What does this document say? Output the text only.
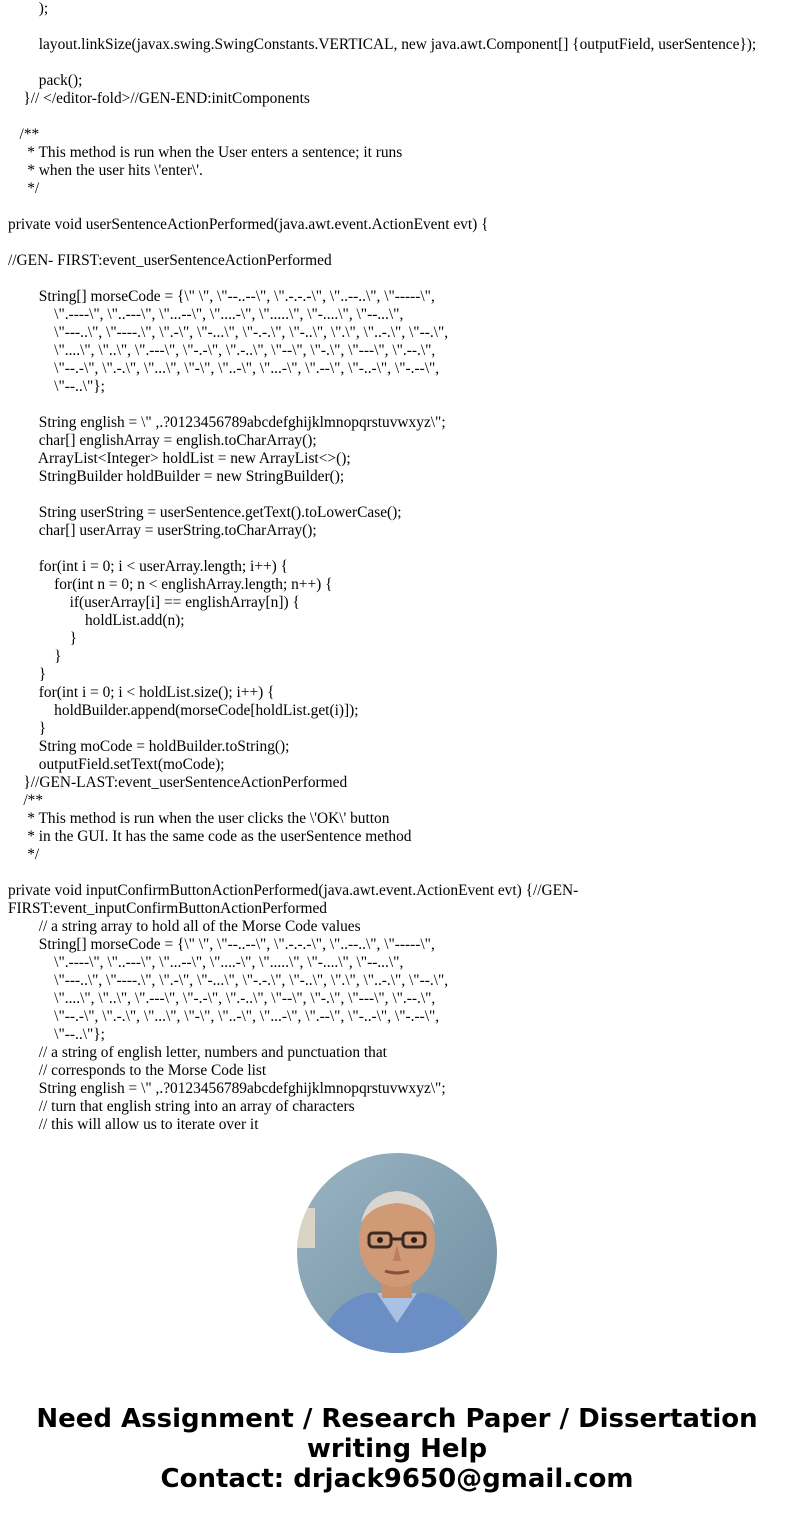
);
layout.linkSize(javax.swing.SwingConstants.VERTICAL, new java.awt.Component[] {outputField, userSentence});
pack();
}// </editor-fold>//GEN-END:initComponents
/**
* This method is run when the User enters a sentence; it runs
* when the user hits \'enter\'.
*/
private void userSentenceActionPerformed(java.awt.event.ActionEvent evt) {
//GEN- FIRST:event_userSentenceActionPerformed
String[] morseCode = {\" \", \"--..--\", \".-.-.-\", \"..--..\", \"-----\",
\".----\", \"..---\", \"...--\", \"....-\", \".....\", \"-....\", \"--...\",
\"---..\", \"----.\", \".-\", \"-...\", \"-.-.\", \"-..\", \".\", \"..-.\", \"--.\",
\"....\", \"..\", \".---\", \"-.-\", \".-..\", \"--\", \"-.\", \"---\", \".--.\",
\"--.-\", \".-.\", \"...\", \"-\", \"..-\", \"...-\", \".--\", \"-..-\", \"-.--\",
\"--..\"};
String english = \" ,.?0123456789abcdefghijklmnopqrstuvwxyz\";
char[] englishArray = english.toCharArray();
ArrayList<Integer> holdList = new ArrayList<>();
StringBuilder holdBuilder = new StringBuilder();
String userString = userSentence.getText().toLowerCase();
char[] userArray = userString.toCharArray();
for(int i = 0; i < userArray.length; i++) {
for(int n = 0; n < englishArray.length; n++) {
if(userArray[i] == englishArray[n]) {
holdList.add(n);
}
}
}
for(int i = 0; i < holdList.size(); i++) {
holdBuilder.append(morseCode[holdList.get(i)]);
}
String moCode = holdBuilder.toString();
outputField.setText(moCode);
}//GEN-LAST:event_userSentenceActionPerformed
/**
* This method is run when the user clicks the \'OK\' button
* in the GUI. It has the same code as the userSentence method
*/
private void inputConfirmButtonActionPerformed(java.awt.event.ActionEvent evt) {//GEN-
FIRST:event_inputConfirmButtonActionPerformed
// a string array to hold all of the Morse Code values
String[] morseCode = {\" \", \"--..--\", \".-.-.-\", \"..--..\", \"-----\",
\".----\", \"..---\", \"...--\", \"....-\", \".....\", \"-....\", \"--...\",
\"---..\", \"----.\", \".-\", \"-...\", \"-.-.\", \"-..\", \".\", \"..-.\", \"--.\",
\"....\", \"..\", \".---\", \"-.-\", \".-..\", \"--\", \"-.\", \"---\", \".--.\",
\"--.-\", \".-.\", \"...\", \"-\", \"..-\", \"...-\", \".--\", \"-..-\", \"-.--\",
\"--..\"};
// a string of english letter, numbers and punctuation that
// corresponds to the Morse Code list
String english = \" ,.?0123456789abcdefghijklmnopqrstuvwxyz\";
// turn that english string into an array of characters
// this will allow us to iterate over it
Need Assignment / Research Paper / Dissertation
writing Help
Contact: drjack9650@gmail.com
